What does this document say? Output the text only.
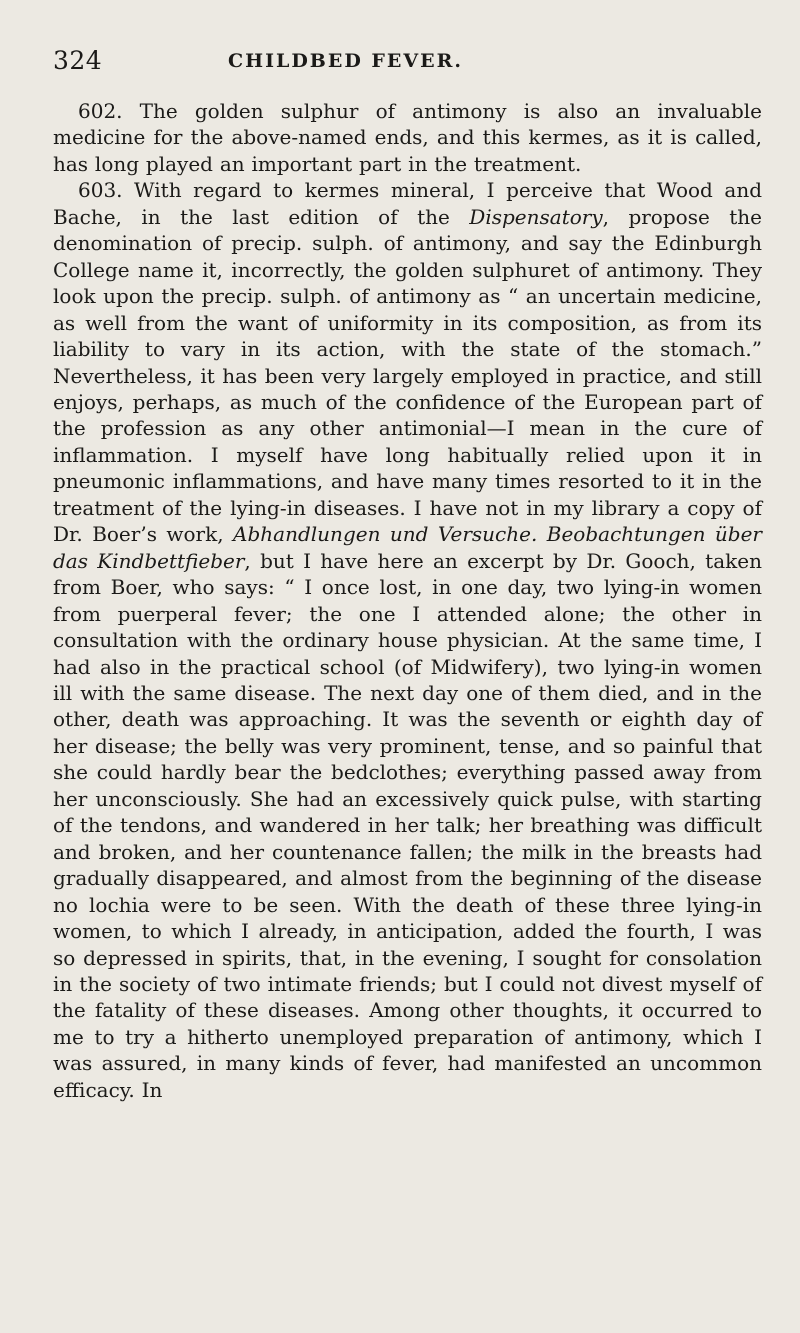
324	CHILDBED FEVER.

602. The golden sulphur of antimony is also an invaluable medicine for the above-named ends, and this kermes, as it is called, has long played an important part in the treatment.

603. With regard to kermes mineral, I perceive that Wood and Bache, in the last edition of the Dispensatory, propose the denomination of precip. sulph. of antimony, and say the Edinburgh College name it, incorrectly, the golden sulphuret of antimony. They look upon the precip. sulph. of antimony as “ an uncertain medicine, as well from the want of uniformity in its composition, as from its liability to vary in its action, with the state of the stomach.” Nevertheless, it has been very largely employed in practice, and still enjoys, perhaps, as much of the confidence of the European part of the profession as any other antimonial—I mean in the cure of inflammation. I myself have long habitually relied upon it in pneumonic inflammations, and have many times resorted to it in the treatment of the lying-in diseases. I have not in my library a copy of Dr. Boer’s work, Abhandlungen und Versuche. Beobachtungen über das Kindbettfieber, but I have here an excerpt by Dr. Gooch, taken from Boer, who says: “ I once lost, in one day, two lying-in women from puerperal fever; the one I attended alone; the other in consultation with the ordinary house physician. At the same time, I had also in the practical school (of Midwifery), two lying-in women ill with the same disease. The next day one of them died, and in the other, death was approaching. It was the seventh or eighth day of her disease; the belly was very prominent, tense, and so painful that she could hardly bear the bedclothes; everything passed away from her unconsciously. She had an excessively quick pulse, with starting of the tendons, and wandered in her talk; her breathing was difficult and broken, and her countenance fallen; the milk in the breasts had gradually disappeared, and almost from the beginning of the disease no lochia were to be seen. With the death of these three lying-in women, to which I already, in anticipation, added the fourth, I was so depressed in spirits, that, in the evening, I sought for consolation in the society of two intimate friends; but I could not divest myself of the fatality of these diseases. Among other thoughts, it occurred to me to try a hitherto unemployed preparation of antimony, which I was assured, in many kinds of fever, had manifested an uncommon efficacy. In
